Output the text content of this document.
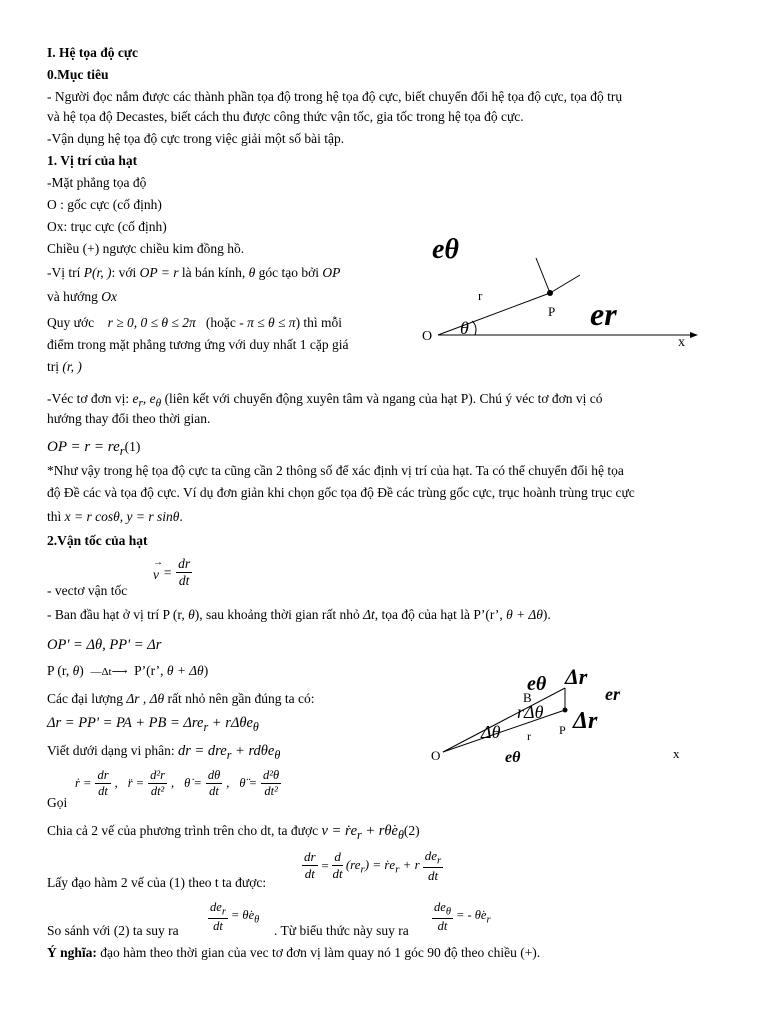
I. Hệ tọa độ cực
0.Mục tiêu
- Người đọc nắm được các thành phần tọa độ trong hệ tọa độ cực, biết chuyển đổi hệ tọa độ cực, tọa độ trụ
và hệ tọa độ Decastes, biết cách thu được công thức vận tốc, gia tốc trong hệ tọa độ cực.
-Vận dụng hệ tọa độ cực trong việc giải một số bài tập.
1. Vị trí của hạt
-Mặt phẳng tọa độ
O : gốc cực (cố định)
Ox: trục cực (cố định)
Chiều (+) ngược chiều kim đồng hồ.
-Vị trí P(r, ): với OP = r là bán kính, θ góc tạo bởi OP
và hướng Ox
Quy ước r ≥ 0, 0 ≤ θ ≤ 2π (hoặc - π ≤ θ ≤ π) thì mỗi
điểm trong mặt phẳng tương ứng với duy nhất 1 cặp giá
trị (r, )
eθ
er
r
P
O θ
x
-Véc tơ đơn vị: $e_r$, $e_\theta$ (liên kết với chuyển động xuyên tâm và ngang của hạt P). Chú ý véc tơ đơn vị có
hướng thay đổi theo thời gian.
OP = $r = re_r(1)$
*Như vậy trong hệ tọa độ cực ta cũng cần 2 thông số để xác định vị trí của hạt. Ta có thể chuyển đổi hệ tọa
độ Đề các và tọa độ cực. Ví dụ đơn giản khi chọn gốc tọa độ Đề các trùng gốc cực, trục hoành trùng trục cực
thì x = r cosθ, y = r sinθ.
2.Vận tốc của hạt
- vectơ vận tốc
→
$v = \frac{dr}{dt}$
- Ban đầu hạt ở vị trí P (r, θ), sau khoảng thời gian rất nhỏ Δt, tọa độ của hạt là P’(r’, θ + Δθ).
OP' = Δθ, PP' = Δr
P (r, θ) —Δt⟶ P’(r’, θ + Δθ)
Các đại lượng Δr , Δθ rất nhỏ nên gần đúng ta có:
Δr = PP' = PA + PB = Δre$_r$ + rΔθe$_\theta$
Viết dưới dạng vi phân: dr = dre$_r$ + rdθe$_\theta$
eθ Δr
er
B
rΔθ
Δθ r P Δr
O	eθ	x
Gọi
ṙ = $\frac{dr}{dt}$ , r̈ = $\frac{\text{d²r}}{\text{dt²}}$ , θ̇ = $\frac{d\theta}{dt}$ , θ̈ = $\frac{\text{d²θ}}{\text{dt²}}$
Chia cả 2 vế của phương trình trên cho dt, ta được v = ṙe$_r$ + $r\thetȧe_\theta(2)$
Lấy đạo hàm 2 vế của (1) theo t ta được:
$\frac{dr}{dt} = \frac{d}{dt} (re_r)$ = ṙe$_r$ + r
$de_r$
dt
So sánh với (2) ta suy ra
$de_r$
dt
= $\thetȧe_\theta$
. Từ biểu thức này suy ra
$de_\theta$
dt
= - $\thetȧe_r$
Ý nghĩa: đạo hàm theo thời gian của vec tơ đơn vị làm quay nó 1 góc 90 độ theo chiều (+).
